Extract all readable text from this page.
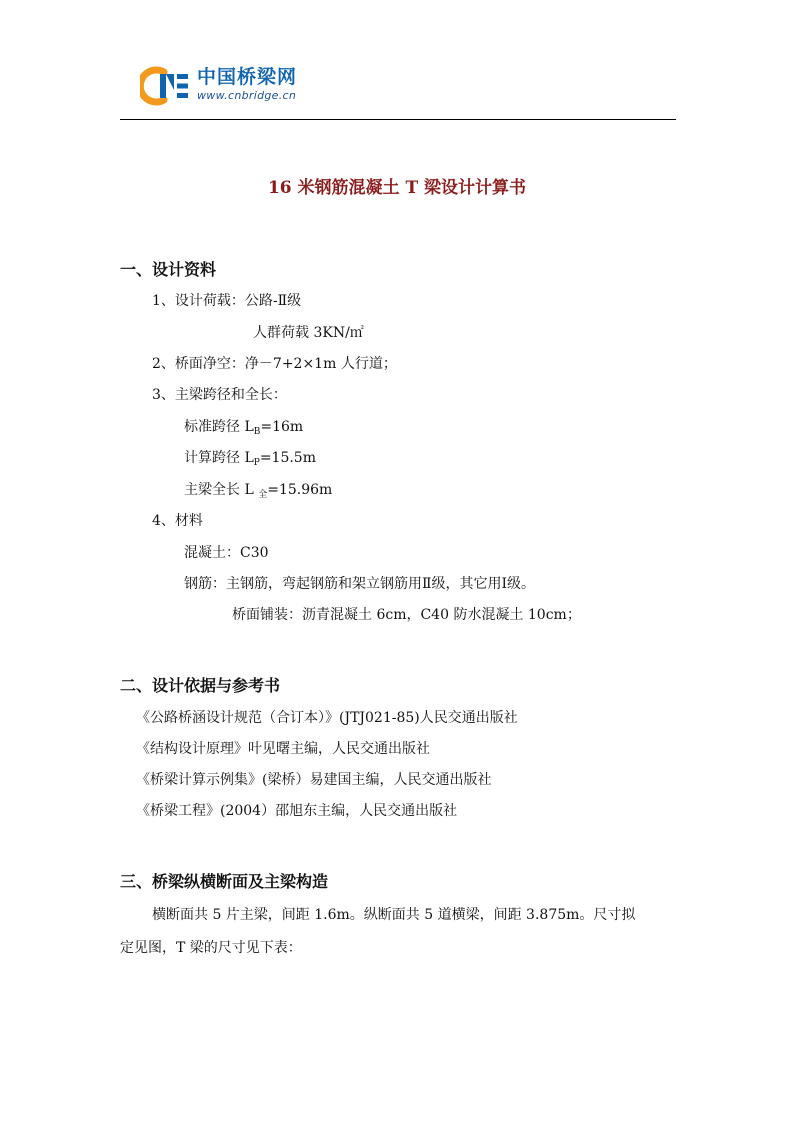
中国桥梁网
www.cnbridge.cn
16 米钢筋混凝土 T 梁设计计算书
一、设计资料
1、设计荷载：公路-Ⅱ级
人群荷载 3KN/㎡
2、桥面净空：净－7+2×1m 人行道；
3、主梁跨径和全长：
标准跨径 $L_B=16m$
计算跨径 $L_P=15.5m$
主梁全长 L $_全$=15.96m
4、材料
混凝土：C30
钢筋：主钢筋，弯起钢筋和架立钢筋用Ⅱ级，其它用Ⅰ级。
桥面铺装：沥青混凝土 6cm，C40 防水混凝土 10cm；
二、设计依据与参考书
《公路桥涵设计规范（合订本）》(JTJ021-85)人民交通出版社
《结构设计原理》叶见曙主编，人民交通出版社
《桥梁计算示例集》(梁桥）易建国主编，人民交通出版社
《桥梁工程》(2004）邵旭东主编，人民交通出版社
三、桥梁纵横断面及主梁构造
横断面共 5 片主梁，间距 1.6m。纵断面共 5 道横梁，间距 3.875m。尺寸拟
定见图，T 梁的尺寸见下表：
